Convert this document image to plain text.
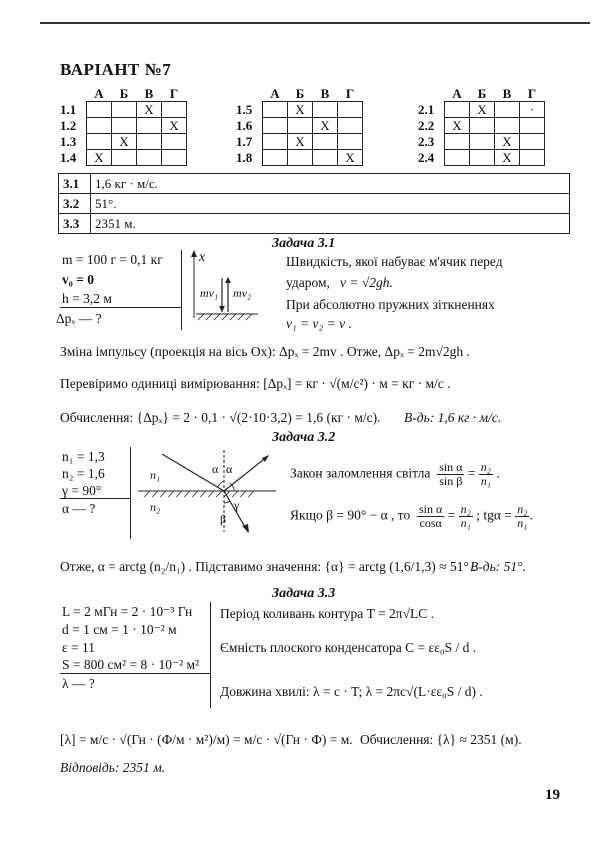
ВАРІАНТ №7
	А	Б	В	Г
1.1			X	
1.2				X
1.3		X		
1.4	X			
	А	Б	В	Г
1.5		X		
1.6			X	
1.7		X		
1.8				X
	А	Б	В	Г
2.1		X		·
2.2	X			
2.3			X	
2.4			X	
3.1	1,6 кг · м/с.
3.2	51°.
3.3	2351 м.
Задача 3.1
m = 100 г = 0,1 кг
v₀ = 0
h = 3,2 м
Δpₓ — ?
x
mv₁ mv₂
Швидкість, якої набуває м'ячик перед
ударом, v = √2gh.
При абсолютно пружних зіткненнях
v₁ = v₂ = v .
Зміна імпульсу (проекція на вісь Ox): Δpₓ = 2mv . Отже, Δpₓ = 2m√2gh .
Перевіримо одиниці вимірювання: [Δpₓ] = кг · √(м/с²) · м = кг · м/с .
Обчислення: {Δpₓ} = 2 · 0,1 · √(2·10·3,2) = 1,6 (кг · м/с). В-дь: 1,6 кг · м/с.
Задача 3.2
n₁ = 1,3
n₂ = 1,6
γ = 90°
α — ?
n₁
n₂
α α
β
γ
Закон заломлення світла $\frac{\text{sin α}}{\text{sin β}} = \frac{\text{n₂}}{\text{n₁}}$ .
Якщо β = 90° − α , то $\frac{\text{sin α}}{\cos\alpha} = \frac{\text{n₂}}{\text{n₁}}$ ; $tg\alpha = \frac{\text{n₂}}{\text{n₁}}$ .
Отже, α = arctg (n₂/n₁) . Підставимо значення: {α} = arctg (1,6/1,3) ≈ 51° .
В-дь: 51°.
Задача 3.3
L = 2 мГн = 2 · 10⁻³ Гн
d = 1 см = 1 · 10⁻² м
ε = 11
S = 800 см² = 8 · 10⁻² м²
λ — ?
Період коливань контура T = 2π√LC .
Ємність плоского конденсатора C = εε₀S / d .
Довжина хвилі: λ = c · T; λ = 2πc√(L·εε₀S / d) .
[λ] = м/с · √(Гн · (Ф/м · м²)/м) = м/с · √(Гн · Ф) = м. Обчислення: {λ} ≈ 2351 (м).
Відповідь: 2351 м.
19
